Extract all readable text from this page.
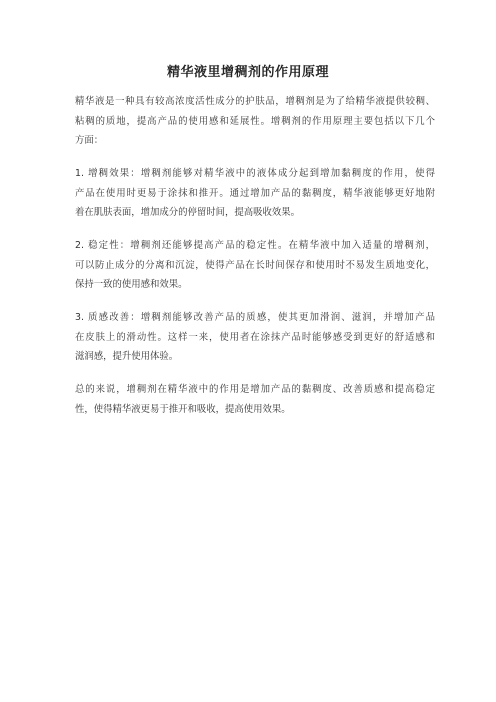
精华液里增稠剂的作用原理
精华液是一种具有较高浓度活性成分的护肤品，增稠剂是为了给精华液提供较稠、
粘稠的质地，提高产品的使用感和延展性。增稠剂的作用原理主要包括以下几个
方面：
1. 增稠效果：增稠剂能够对精华液中的液体成分起到增加黏稠度的作用，使得
产品在使用时更易于涂抹和推开。通过增加产品的黏稠度，精华液能够更好地附
着在肌肤表面，增加成分的停留时间，提高吸收效果。
2. 稳定性：增稠剂还能够提高产品的稳定性。在精华液中加入适量的增稠剂，
可以防止成分的分离和沉淀，使得产品在长时间保存和使用时不易发生质地变化，
保持一致的使用感和效果。
3. 质感改善：增稠剂能够改善产品的质感，使其更加滑润、滋润，并增加产品
在皮肤上的滑动性。这样一来，使用者在涂抹产品时能够感受到更好的舒适感和
滋润感，提升使用体验。
总的来说，增稠剂在精华液中的作用是增加产品的黏稠度、改善质感和提高稳定
性，使得精华液更易于推开和吸收，提高使用效果。
